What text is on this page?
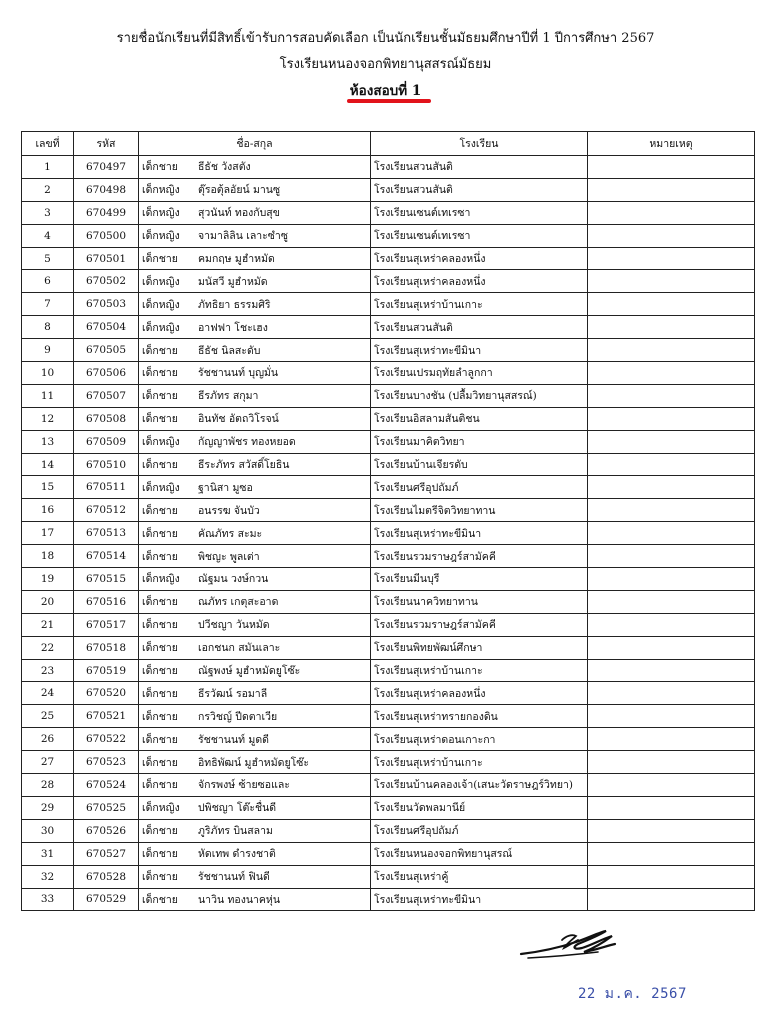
รายชื่อนักเรียนที่มีสิทธิ์เข้ารับการสอบคัดเลือก เป็นนักเรียนชั้นมัธยมศึกษาปีที่ 1 ปีการศึกษา 2567
โรงเรียนหนองจอกพิทยานุสสรณ์มัธยม
ห้องสอบที่ 1
เลขที่	รหัส	ชื่อ-สกุล	โรงเรียน	หมายเหตุ
1	670497	เด็กชาย ธีธัช วังสตัง	โรงเรียนสวนสันติ	
2	670498	เด็กหญิง ตุ๊รอตุ้ลอัยน์ มานซู	โรงเรียนสวนสันติ	
3	670499	เด็กหญิง สุวนันท์ ทองกับสุข	โรงเรียนเซนต์เทเรซา	
4	670500	เด็กหญิง จามาลิลิน เลาะซำซู	โรงเรียนเซนต์เทเรซา	
5	670501	เด็กชาย คมกฤษ มูฮำหมัด	โรงเรียนสุเหร่าคลองหนึ่ง	
6	670502	เด็กหญิง มนัสวี มูฮำหมัด	โรงเรียนสุเหร่าคลองหนึ่ง	
7	670503	เด็กหญิง ภัทธิยา ธรรมศิริ	โรงเรียนสุเหร่าบ้านเกาะ	
8	670504	เด็กหญิง อาฟฟา โชะเฮง	โรงเรียนสวนสันติ	
9	670505	เด็กชาย ธีธัช นิลสะดับ	โรงเรียนสุเหร่าทะขีมินา	
10	670506	เด็กชาย รัชชานนท์ บุญมั่น	โรงเรียนเปรมฤทัยลำลูกกา	
11	670507	เด็กชาย ธีรภัทร สกุมา	โรงเรียนบางชัน (ปลื้มวิทยานุสสรณ์)	
12	670508	เด็กชาย อินทัช อัตถวิโรจน์	โรงเรียนอิสลามสันติชน	
13	670509	เด็กหญิง กัญญาพัชร ทองหยอด	โรงเรียนมาคิตวิทยา	
14	670510	เด็กชาย ธีระภัทร สวัสดิ์โยธิน	โรงเรียนบ้านเจียรดับ	
15	670511	เด็กหญิง ฐานิสา มูซอ	โรงเรียนศรีอุปถัมภ์	
16	670512	เด็กชาย อนรรฆ จันบัว	โรงเรียนไมตรีจิตวิทยาทาน	
17	670513	เด็กชาย คัณภัทร สะมะ	โรงเรียนสุเหร่าทะขีมินา	
18	670514	เด็กชาย พิชญะ พูลเต่า	โรงเรียนรวมราษฎร์สามัคคี	
19	670515	เด็กหญิง ณัฐมน วงษ์กวน	โรงเรียนมีนบุรี	
20	670516	เด็กชาย ณภัทร เกตุสะอาด	โรงเรียนนาควิทยาทาน	
21	670517	เด็กชาย ปวีชญา วันหมัด	โรงเรียนรวมราษฎร์สามัคคี	
22	670518	เด็กชาย เอกชนก สมันเลาะ	โรงเรียนพิทยพัฒน์ศึกษา	
23	670519	เด็กชาย ณัฐพงษ์ มูฮำหมัดยูโซ๊ะ	โรงเรียนสุเหร่าบ้านเกาะ	
24	670520	เด็กชาย ธีรวัฒน์ รอมาลี	โรงเรียนสุเหร่าคลองหนึ่ง	
25	670521	เด็กชาย กรวิชญ์ ปีดตาเวีย	โรงเรียนสุเหร่าทรายกองดิน	
26	670522	เด็กชาย รัชชานนท์ มูดดี	โรงเรียนสุเหร่าดอนเกาะกา	
27	670523	เด็กชาย อิทธิพัฒน์ มูฮำหมัดยูโซ๊ะ	โรงเรียนสุเหร่าบ้านเกาะ	
28	670524	เด็กชาย จักรพงษ์ ซ้ายซอและ	โรงเรียนบ้านคลองเจ้า(เสนะวัดราษฎร์วิทยา)	
29	670525	เด็กหญิง ปพิชญา โต๊ะชื่นดี	โรงเรียนวัดพลมานีย์	
30	670526	เด็กชาย ภูริภัทร บินสลาม	โรงเรียนศรีอุปถัมภ์	
31	670527	เด็กชาย หัดเทพ ดำรงชาติ	โรงเรียนหนองจอกพิทยานุสรณ์	
32	670528	เด็กชาย รัชชานนท์ ฟินดี	โรงเรียนสุเหร่าคู้	
33	670529	เด็กชาย นาวิน ทองนาคหุ่น	โรงเรียนสุเหร่าทะขีมินา	
22 ม.ค. 2567
